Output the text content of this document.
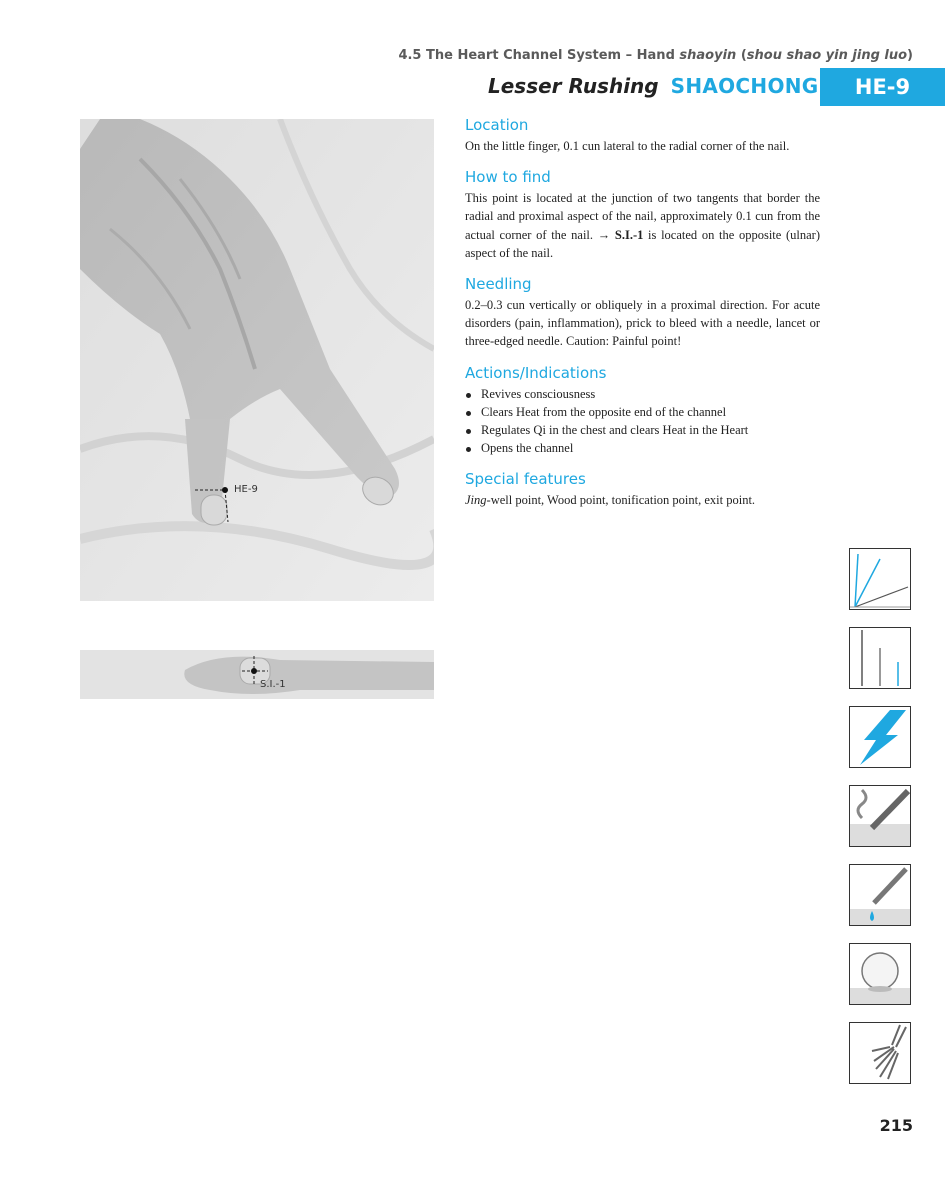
4.5 The Heart Channel System – Hand shaoyin (shou shao yin jing luo)
Lesser Rushing SHAOCHONG HE-9
HE-9
S.I.-1
Location

On the little finger, 0.1 cun lateral to the radial corner of the nail.

How to find

This point is located at the junction of two tangents that border the radial and proximal aspect of the nail, approximately 0.1 cun from the actual corner of the nail. → S.I.-1 is located on the opposite (ulnar) aspect of the nail.

Needling

0.2–0.3 cun vertically or obliquely in a proximal direction. For acute disorders (pain, inflammation), prick to bleed with a needle, lancet or three-edged needle. Caution: Painful point!

Actions/Indications
Revives consciousness
Clears Heat from the opposite end of the channel
Regulates Qi in the chest and clears Heat in the Heart
Opens the channel
Special features

Jing-well point, Wood point, tonification point, exit point.

215
